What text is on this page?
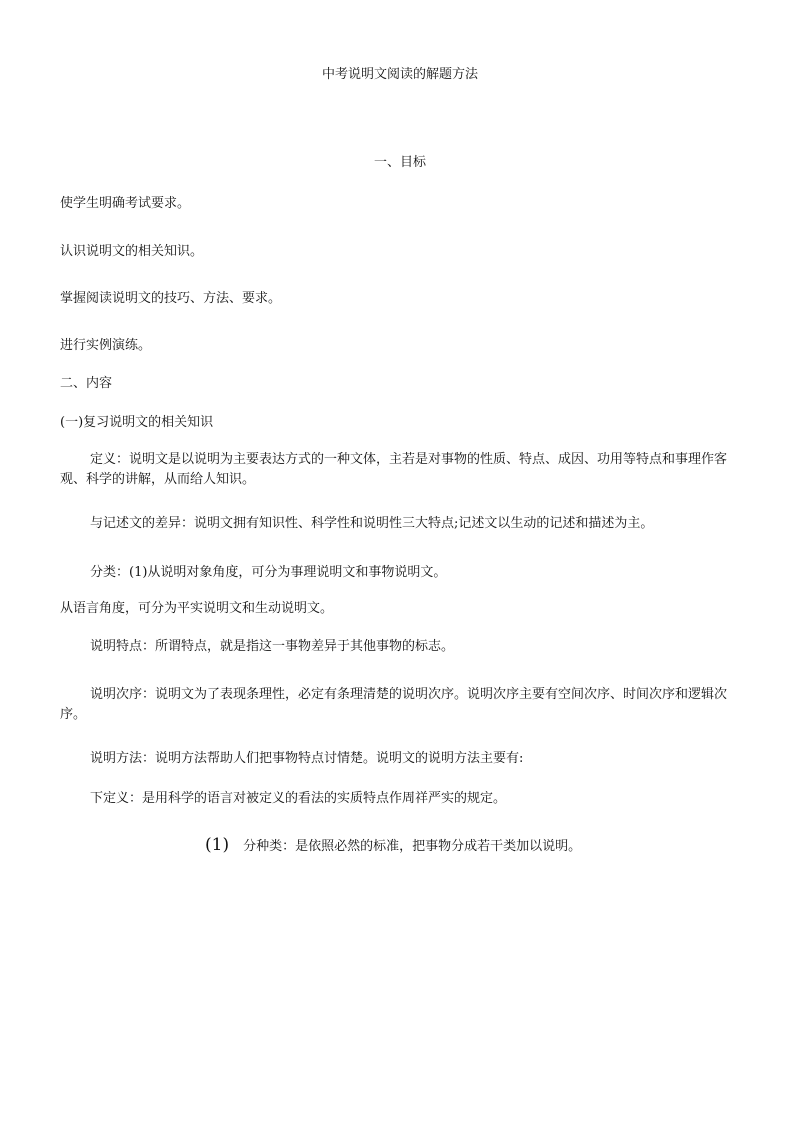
中考说明文阅读的解题方法
一、目标
使学生明确考试要求。
认识说明文的相关知识。
掌握阅读说明文的技巧、方法、要求。
进行实例演练。
二、内容
(一)复习说明文的相关知识
定义：说明文是以说明为主要表达方式的一种文体，主若是对事物的性质、特点、成因、功用等特点和事理作客观、科学的讲解，从而给人知识。
与记述文的差异：说明文拥有知识性、科学性和说明性三大特点;记述文以生动的记述和描述为主。
分类：(1)从说明对象角度，可分为事理说明文和事物说明文。
从语言角度，可分为平实说明文和生动说明文。
说明特点：所谓特点，就是指这一事物差异于其他事物的标志。
说明次序：说明文为了表现条理性，必定有条理清楚的说明次序。说明次序主要有空间次序、时间次序和逻辑次序。
说明方法：说明方法帮助人们把事物特点讨情楚。说明文的说明方法主要有:
下定义：是用科学的语言对被定义的看法的实质特点作周祥严实的规定。
(1) 分种类：是依照必然的标准，把事物分成若干类加以说明。
